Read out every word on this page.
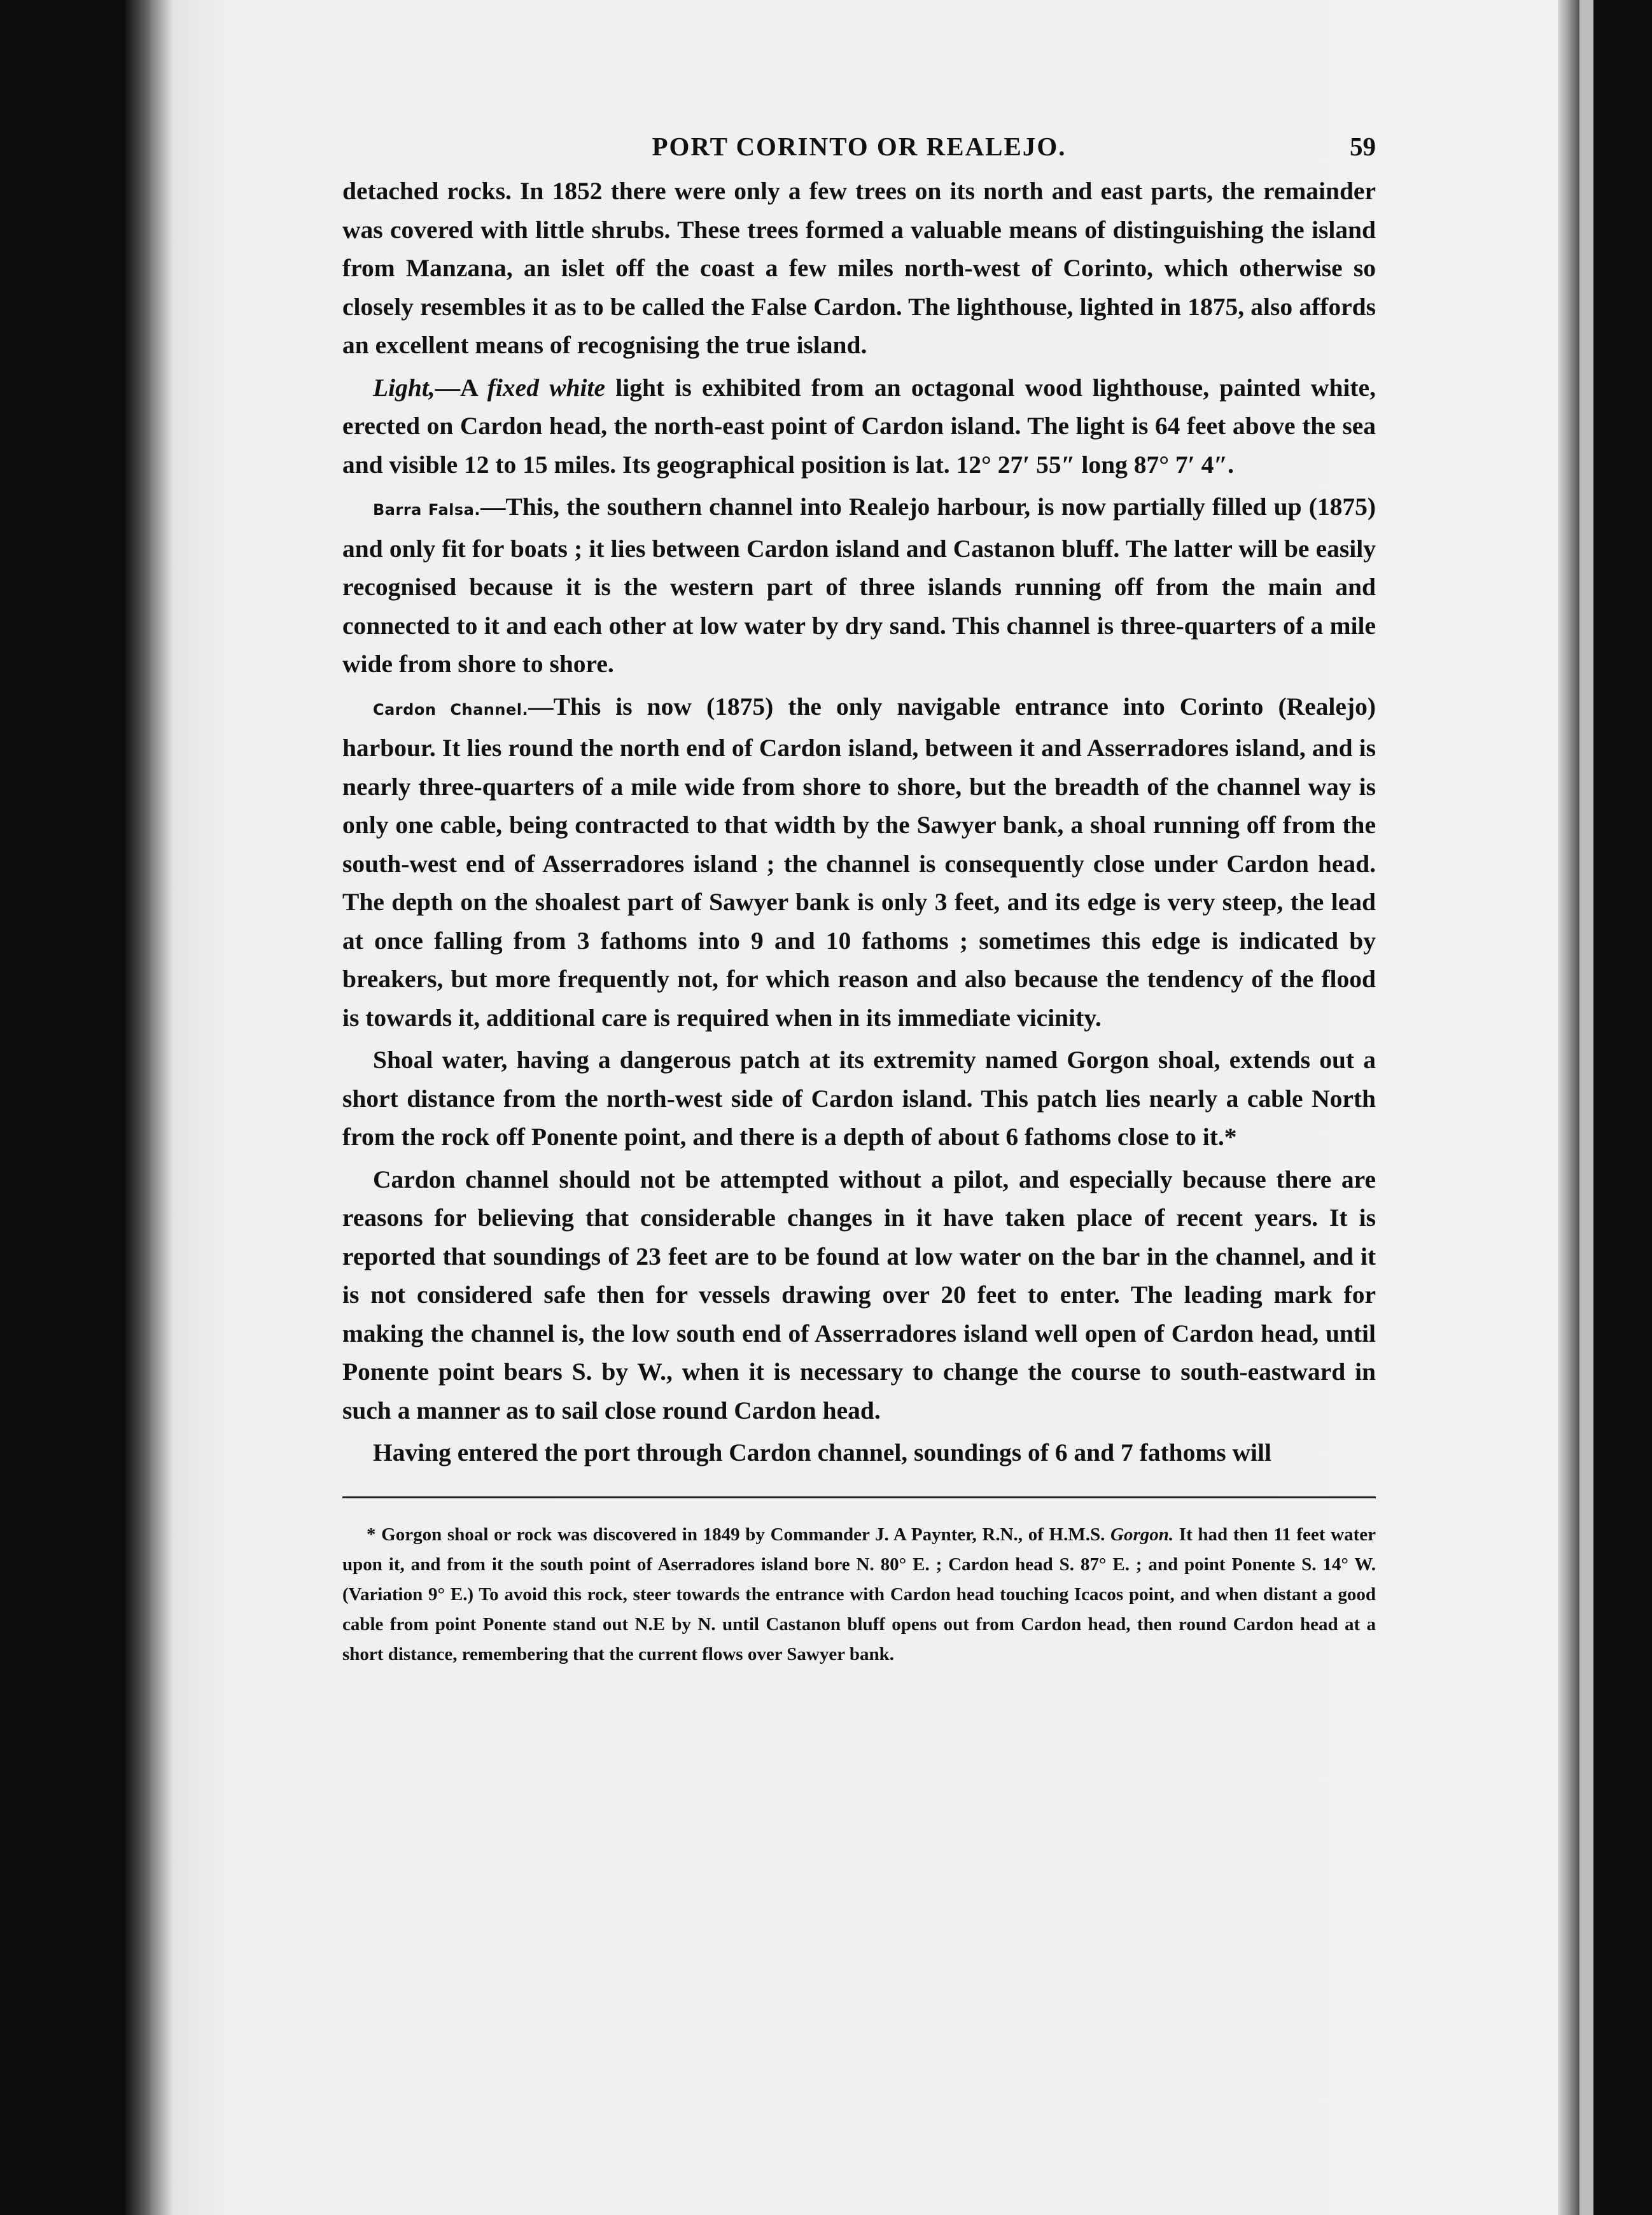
PORT CORINTO OR REALEJO.	59

detached rocks. In 1852 there were only a few trees on its north and east parts, the remainder was covered with little shrubs. These trees formed a valuable means of distinguishing the island from Manzana, an islet off the coast a few miles north-west of Corinto, which otherwise so closely resembles it as to be called the False Cardon. The lighthouse, lighted in 1875, also affords an excellent means of recognising the true island.

Light,—A fixed white light is exhibited from an octagonal wood lighthouse, painted white, erected on Cardon head, the north-east point of Cardon island. The light is 64 feet above the sea and visible 12 to 15 miles. Its geographical position is lat. 12° 27′ 55″ long 87° 7′ 4″.

Barra Falsa.—This, the southern channel into Realejo harbour, is now partially filled up (1875) and only fit for boats ; it lies between Cardon island and Castanon bluff. The latter will be easily recognised because it is the western part of three islands running off from the main and connected to it and each other at low water by dry sand. This channel is three-quarters of a mile wide from shore to shore.

Cardon Channel.—This is now (1875) the only navigable entrance into Corinto (Realejo) harbour. It lies round the north end of Cardon island, between it and Asserradores island, and is nearly three-quarters of a mile wide from shore to shore, but the breadth of the channel way is only one cable, being contracted to that width by the Sawyer bank, a shoal running off from the south-west end of Asserradores island ; the channel is consequently close under Cardon head. The depth on the shoalest part of Sawyer bank is only 3 feet, and its edge is very steep, the lead at once falling from 3 fathoms into 9 and 10 fathoms ; sometimes this edge is indicated by breakers, but more frequently not, for which reason and also because the tendency of the flood is towards it, additional care is required when in its immediate vicinity.

Shoal water, having a dangerous patch at its extremity named Gorgon shoal, extends out a short distance from the north-west side of Cardon island. This patch lies nearly a cable North from the rock off Ponente point, and there is a depth of about 6 fathoms close to it.*

Cardon channel should not be attempted without a pilot, and especially because there are reasons for believing that considerable changes in it have taken place of recent years. It is reported that soundings of 23 feet are to be found at low water on the bar in the channel, and it is not considered safe then for vessels drawing over 20 feet to enter. The leading mark for making the channel is, the low south end of Asserradores island well open of Cardon head, until Ponente point bears S. by W., when it is necessary to change the course to south-eastward in such a manner as to sail close round Cardon head.

Having entered the port through Cardon channel, soundings of 6 and 7 fathoms will

* Gorgon shoal or rock was discovered in 1849 by Commander J. A Paynter, R.N., of H.M.S. Gorgon. It had then 11 feet water upon it, and from it the south point of Aserradores island bore N. 80° E. ; Cardon head S. 87° E. ; and point Ponente S. 14° W. (Variation 9° E.) To avoid this rock, steer towards the entrance with Cardon head touching Icacos point, and when distant a good cable from point Ponente stand out N.E by N. until Castanon bluff opens out from Cardon head, then round Cardon head at a short distance, remembering that the current flows over Sawyer bank.
